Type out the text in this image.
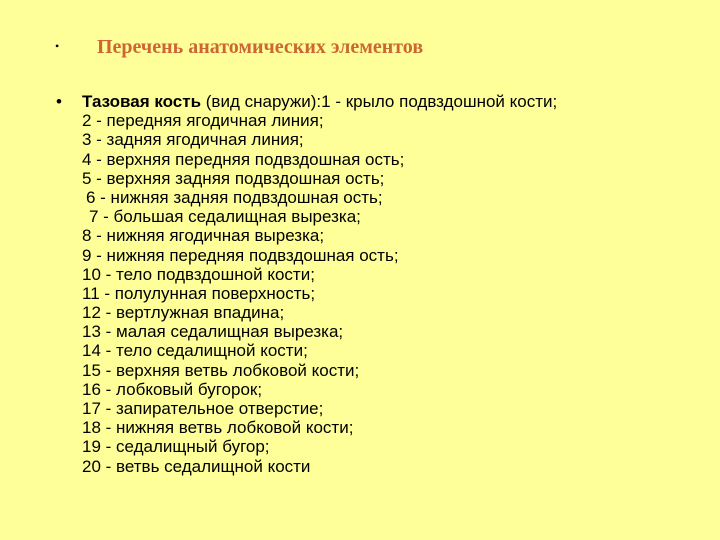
• Перечень анатомических элементов
• Тазовая кость (вид снаружи):1 - крыло подвздошной кости;
2 - передняя ягодичная линия;
3 - задняя ягодичная линия;
4 - верхняя передняя подвздошная ость;
5 - верхняя задняя подвздошная ость;
6 - нижняя задняя подвздошная ость;
7 - большая седалищная вырезка;
8 - нижняя ягодичная вырезка;
9 - нижняя передняя подвздошная ость;
10 - тело подвздошной кости;
11 - полулунная поверхность;
12 - вертлужная впадина;
13 - малая седалищная вырезка;
14 - тело седалищной кости;
15 - верхняя ветвь лобковой кости;
16 - лобковый бугорок;
17 - запирательное отверстие;
18 - нижняя ветвь лобковой кости;
19 - седалищный бугор;
20 - ветвь седалищной кости
